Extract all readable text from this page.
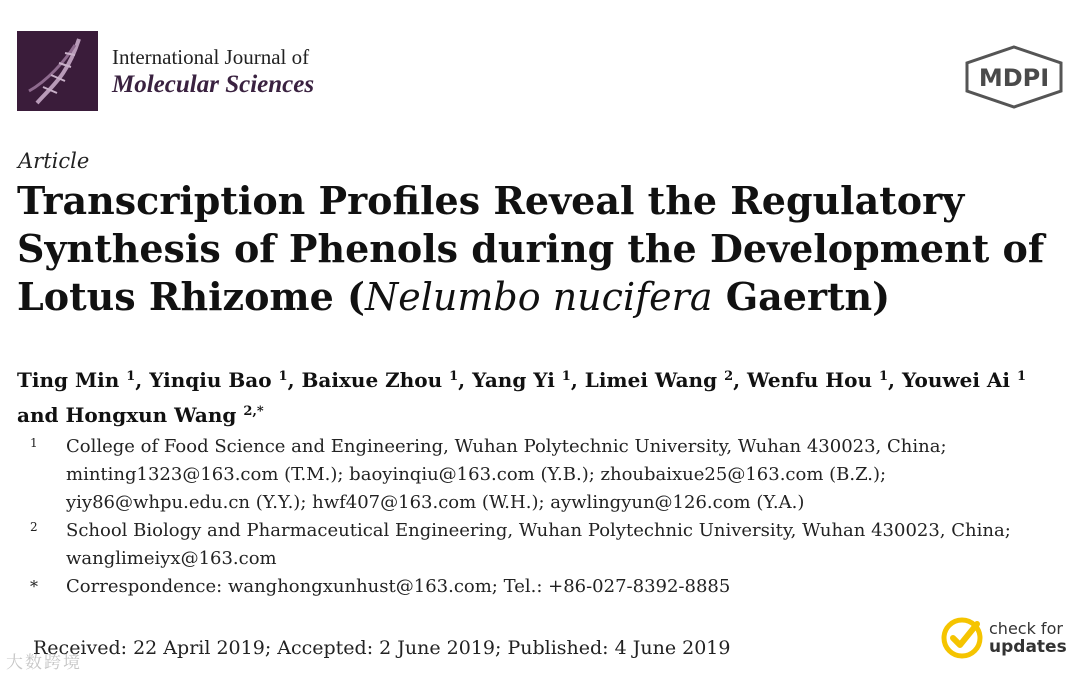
International Journal of
Molecular Sciences	MDPI
Article
Transcription Profiles Reveal the Regulatory Synthesis of Phenols during the Development of Lotus Rhizome (Nelumbo nucifera Gaertn)

Ting Min $^1$, Yinqiu Bao $^1$, Baixue Zhou $^1$, Yang Yi $^1$, Limei Wang $^2$, Wenfu Hou $^1$, Youwei Ai $^1$ and Hongxun Wang $^{2,*}$

1 College of Food Science and Engineering, Wuhan Polytechnic University, Wuhan 430023, China; minting1323@163.com (T.M.); baoyinqiu@163.com (Y.B.); zhoubaixue25@163.com (B.Z.); yiy86@whpu.edu.cn (Y.Y.); hwf407@163.com (W.H.); aywlingyun@126.com (Y.A.)
2 School Biology and Pharmaceutical Engineering, Wuhan Polytechnic University, Wuhan 430023, China; wanglimeiyx@163.com
* Correspondence: wanghongxunhust@163.com; Tel.: +86-027-8392-8885
Received: 22 April 2019; Accepted: 2 June 2019; Published: 4 June 2019
check for
updates
大数跨境
